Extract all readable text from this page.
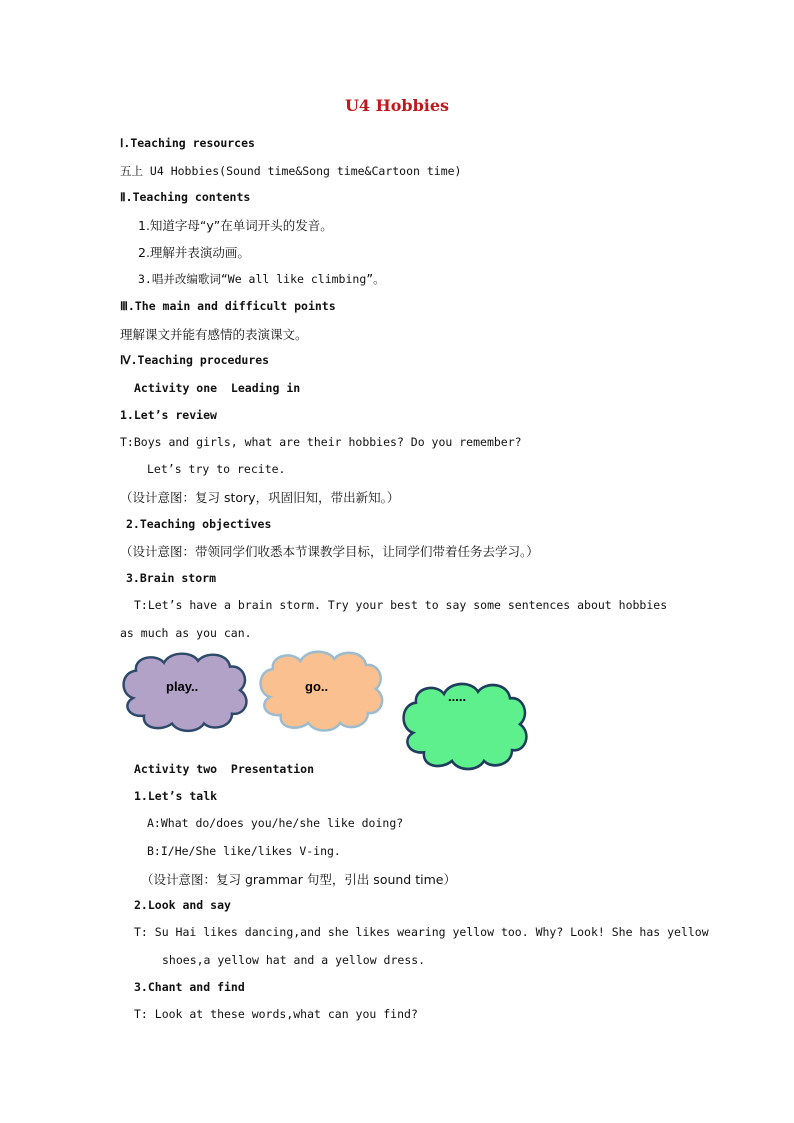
U4 Hobbies
Ⅰ.Teaching resources
五上 U4 Hobbies(Sound time&Song time&Cartoon time)
Ⅱ.Teaching contents
1.知道字母“y”在单词开头的发音。
2.理解并表演动画。
3.唱并改编歌词“We all like climbing”。
Ⅲ.The main and difficult points
理解课文并能有感情的表演课文。
Ⅳ.Teaching procedures
Activity one  Leading in
1.Let’s review
T:Boys and girls, what are their hobbies? Do you remember?
Let’s try to recite.
（设计意图：复习 story，巩固旧知，带出新知。）
2.Teaching objectives
（设计意图：带领同学们收悉本节课教学目标，让同学们带着任务去学习。）
3.Brain storm
T:Let’s have a brain storm. Try your best to say some sentences about hobbies
as much as you can.
play..	go..
.....
Activity two  Presentation
1.Let’s talk
A:What do/does you/he/she like doing?
B:I/He/She like/likes V-ing.
（设计意图：复习 grammar 句型，引出 sound time）
2.Look and say
T: Su Hai likes dancing,and she likes wearing yellow too. Why? Look! She has yellow
shoes,a yellow hat and a yellow dress.
3.Chant and find
T: Look at these words,what can you find?
